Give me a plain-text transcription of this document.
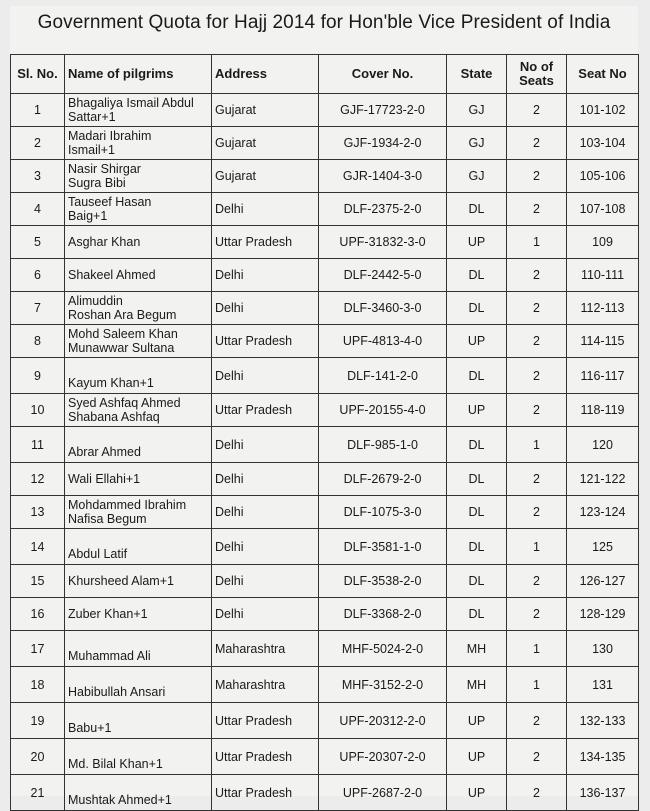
Government Quota for Hajj 2014 for Hon'ble Vice President of India
Sl. No.	Name of pilgrims	Address	Cover No.	State	No of
Seats	Seat No
1	Bhagaliya Ismail Abdul
Sattar+1	Gujarat	GJF-17723-2-0	GJ	2	101-102
2	Madari Ibrahim
Ismail+1	Gujarat	GJF-1934-2-0	GJ	2	103-104
3	Nasir Shirgar
Sugra Bibi	Gujarat	GJR-1404-3-0	GJ	2	105-106
4	Tauseef Hasan
Baig+1	Delhi	DLF-2375-2-0	DL	2	107-108
5	Asghar Khan	Uttar Pradesh	UPF-31832-3-0	UP	1	109
6	Shakeel Ahmed	Delhi	DLF-2442-5-0	DL	2	110-111
7	Alimuddin
Roshan Ara Begum	Delhi	DLF-3460-3-0	DL	2	112-113
8	Mohd Saleem Khan
Munawwar Sultana	Uttar Pradesh	UPF-4813-4-0	UP	2	114-115
9	Kayum Khan+1	Delhi	DLF-141-2-0	DL	2	116-117
10	Syed Ashfaq Ahmed
Shabana Ashfaq	Uttar Pradesh	UPF-20155-4-0	UP	2	118-119
11	Abrar Ahmed	Delhi	DLF-985-1-0	DL	1	120
12	Wali Ellahi+1	Delhi	DLF-2679-2-0	DL	2	121-122
13	Mohdammed Ibrahim
Nafisa Begum	Delhi	DLF-1075-3-0	DL	2	123-124
14	Abdul Latif	Delhi	DLF-3581-1-0	DL	1	125
15	Khursheed Alam+1	Delhi	DLF-3538-2-0	DL	2	126-127
16	Zuber Khan+1	Delhi	DLF-3368-2-0	DL	2	128-129
17	Muhammad Ali	Maharashtra	MHF-5024-2-0	MH	1	130
18	Habibullah Ansari	Maharashtra	MHF-3152-2-0	MH	1	131
19	Babu+1	Uttar Pradesh	UPF-20312-2-0	UP	2	132-133
20	Md. Bilal Khan+1	Uttar Pradesh	UPF-20307-2-0	UP	2	134-135
21	Mushtak Ahmed+1	Uttar Pradesh	UPF-2687-2-0	UP	2	136-137
